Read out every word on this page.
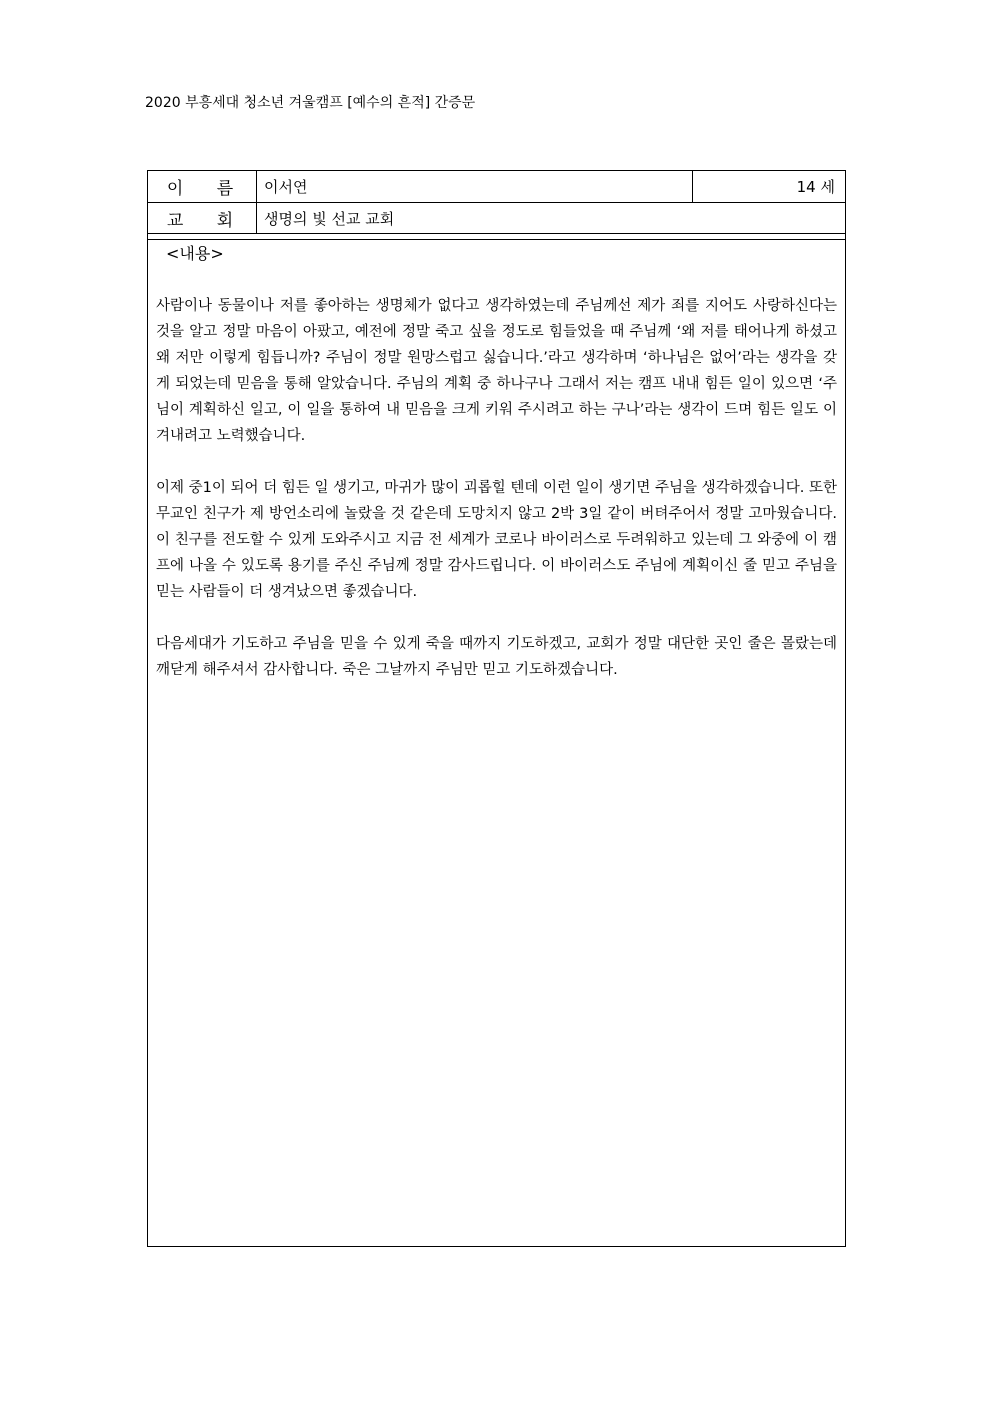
2020 부흥세대 청소년 겨울캠프 [예수의 흔적] 간증문
이 름	이서연	14 세
교 회	생명의 빛 선교 교회
<내용>

사람이나 동물이나 저를 좋아하는 생명체가 없다고 생각하였는데 주님께선 제가 죄를 지어도 사랑하신다는 것을 알고 정말 마음이 아팠고, 예전에 정말 죽고 싶을 정도로 힘들었을 때 주님께 ‘왜 저를 태어나게 하셨고 왜 저만 이렇게 힘듭니까? 주님이 정말 원망스럽고 싫습니다.’라고 생각하며 ‘하나님은 없어’라는 생각을 갖게 되었는데 믿음을 통해 알았습니다. 주님의 계획 중 하나구나 그래서 저는 캠프 내내 힘든 일이 있으면 ‘주님이 계획하신 일고, 이 일을 통하여 내 믿음을 크게 키워 주시려고 하는 구나’라는 생각이 드며 힘든 일도 이겨내려고 노력했습니다.

이제 중1이 되어 더 힘든 일 생기고, 마귀가 많이 괴롭힐 텐데 이런 일이 생기면 주님을 생각하겠습니다. 또한 무교인 친구가 제 방언소리에 놀랐을 것 같은데 도망치지 않고 2박 3일 같이 버텨주어서 정말 고마웠습니다. 이 친구를 전도할 수 있게 도와주시고 지금 전 세계가 코로나 바이러스로 두려워하고 있는데 그 와중에 이 캠프에 나올 수 있도록 용기를 주신 주님께 정말 감사드립니다. 이 바이러스도 주님에 계획이신 줄 믿고 주님을 믿는 사람들이 더 생겨났으면 좋겠습니다.

다음세대가 기도하고 주님을 믿을 수 있게 죽을 때까지 기도하겠고, 교회가 정말 대단한 곳인 줄은 몰랐는데 깨닫게 해주셔서 감사합니다. 죽은 그날까지 주님만 믿고 기도하겠습니다.
